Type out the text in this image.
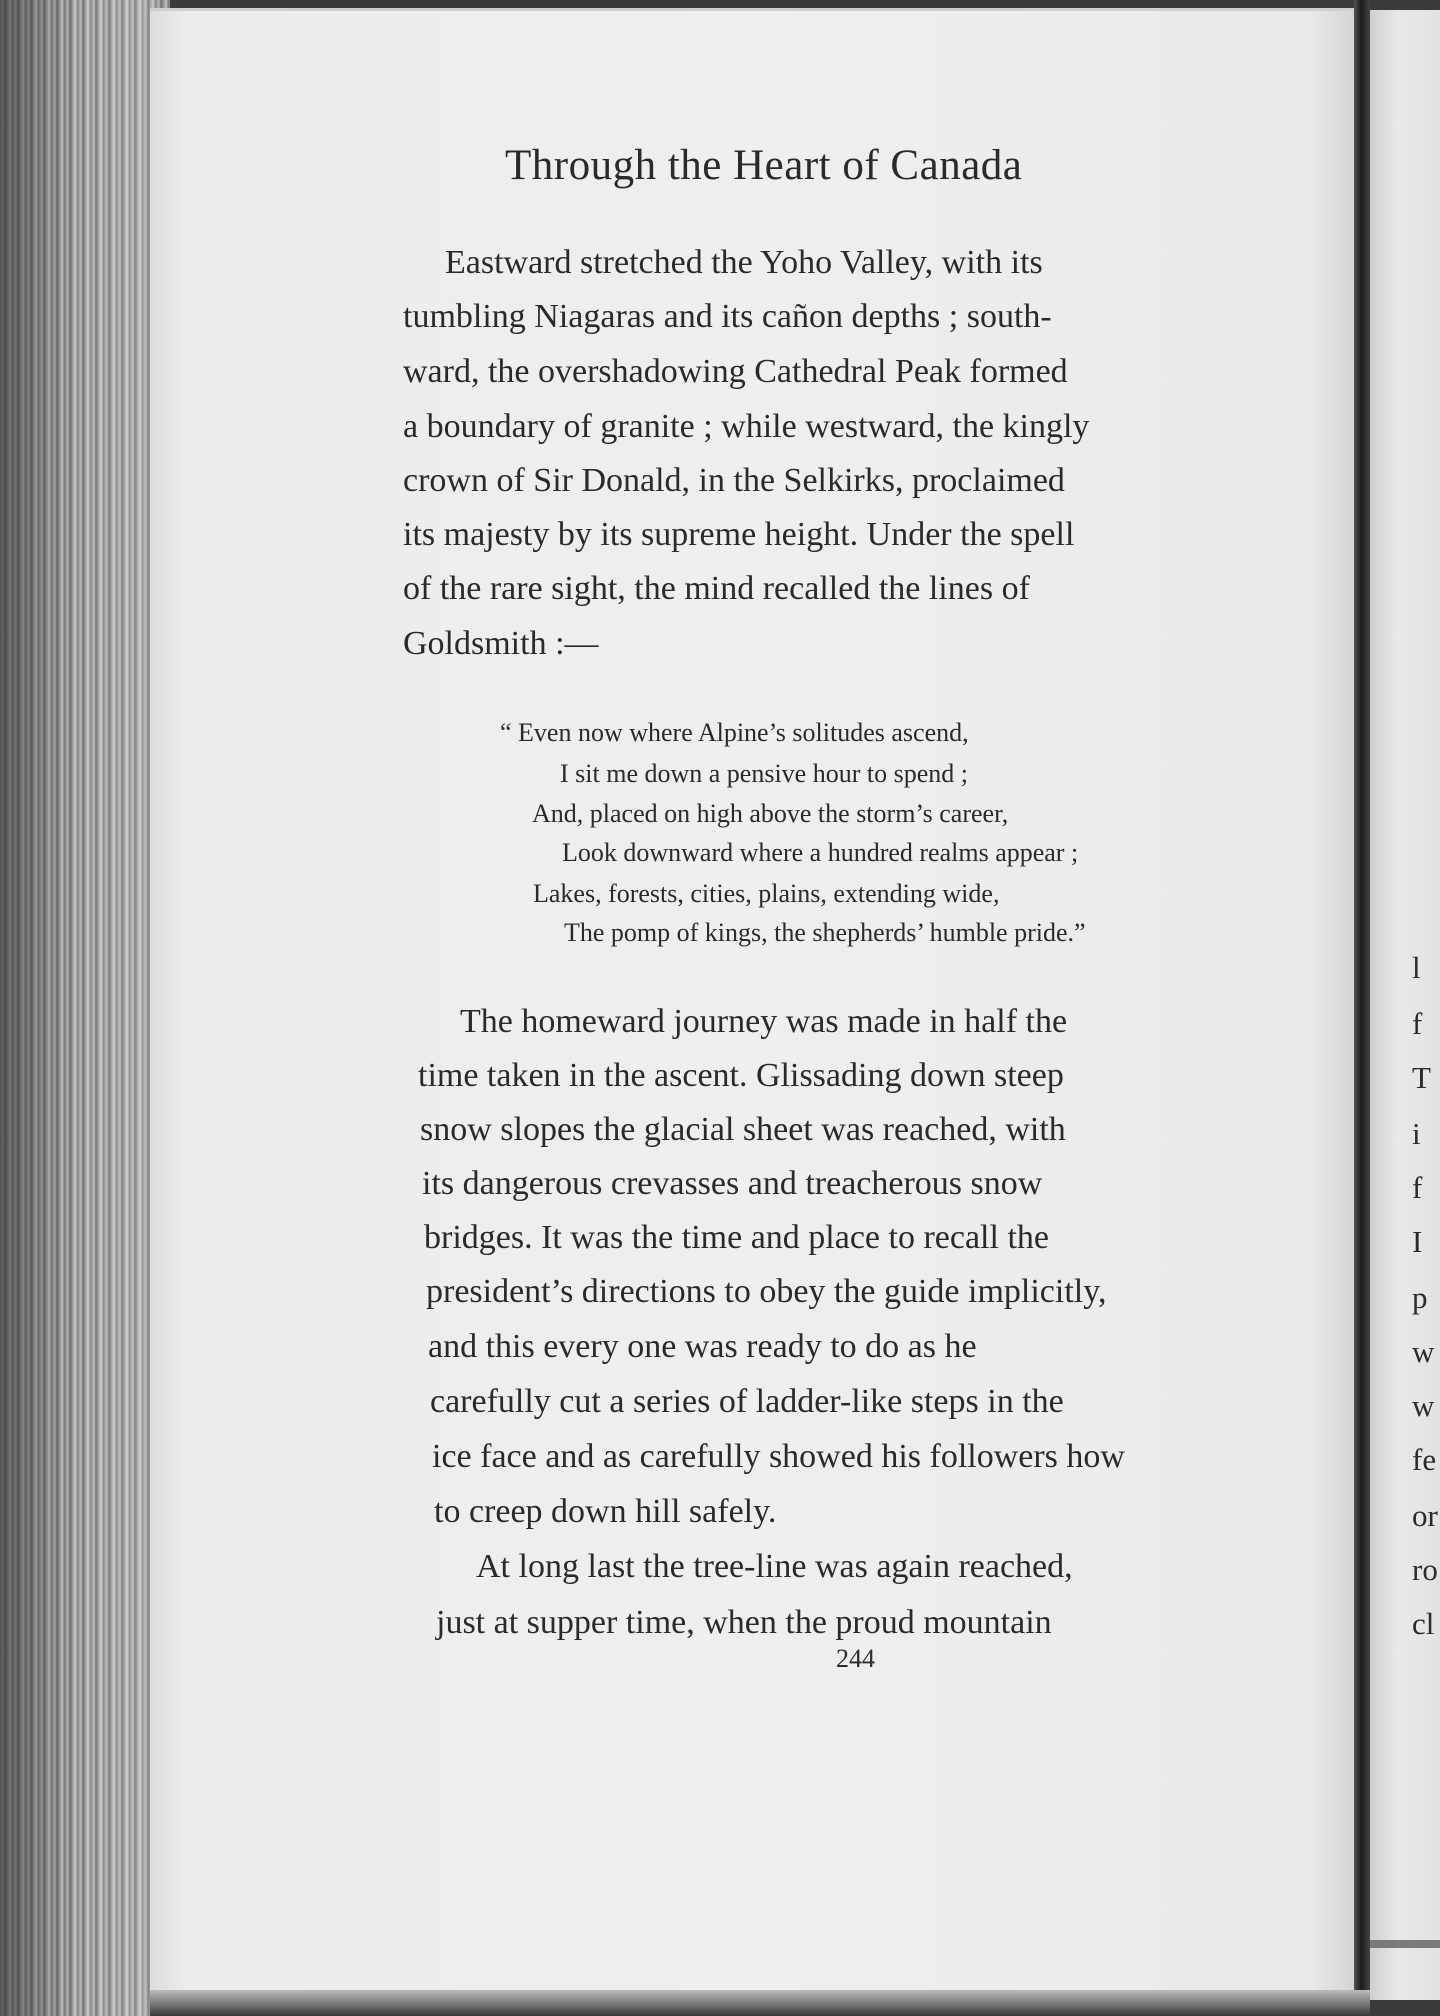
Through the Heart of Canada
Eastward stretched the Yoho Valley, with its
tumbling Niagaras and its cañon depths ; south-
ward, the overshadowing Cathedral Peak formed
a boundary of granite ; while westward, the kingly
crown of Sir Donald, in the Selkirks, proclaimed
its majesty by its supreme height. Under the spell
of the rare sight, the mind recalled the lines of
Goldsmith :—
“ Even now where Alpine’s solitudes ascend,
I sit me down a pensive hour to spend ;
And, placed on high above the storm’s career,
Look downward where a hundred realms appear ;
Lakes, forests, cities, plains, extending wide,
The pomp of kings, the shepherds’ humble pride.”
The homeward journey was made in half the
time taken in the ascent. Glissading down steep
snow slopes the glacial sheet was reached, with
its dangerous crevasses and treacherous snow
bridges. It was the time and place to recall the
president’s directions to obey the guide implicitly,
and this every one was ready to do as he
carefully cut a series of ladder-like steps in the
ice face and as carefully showed his followers how
to creep down hill safely.
At long last the tree-line was again reached,
just at supper time, when the proud mountain
244
l
f
T
i
f
I
p
w
w
fe
or
ro
cl
